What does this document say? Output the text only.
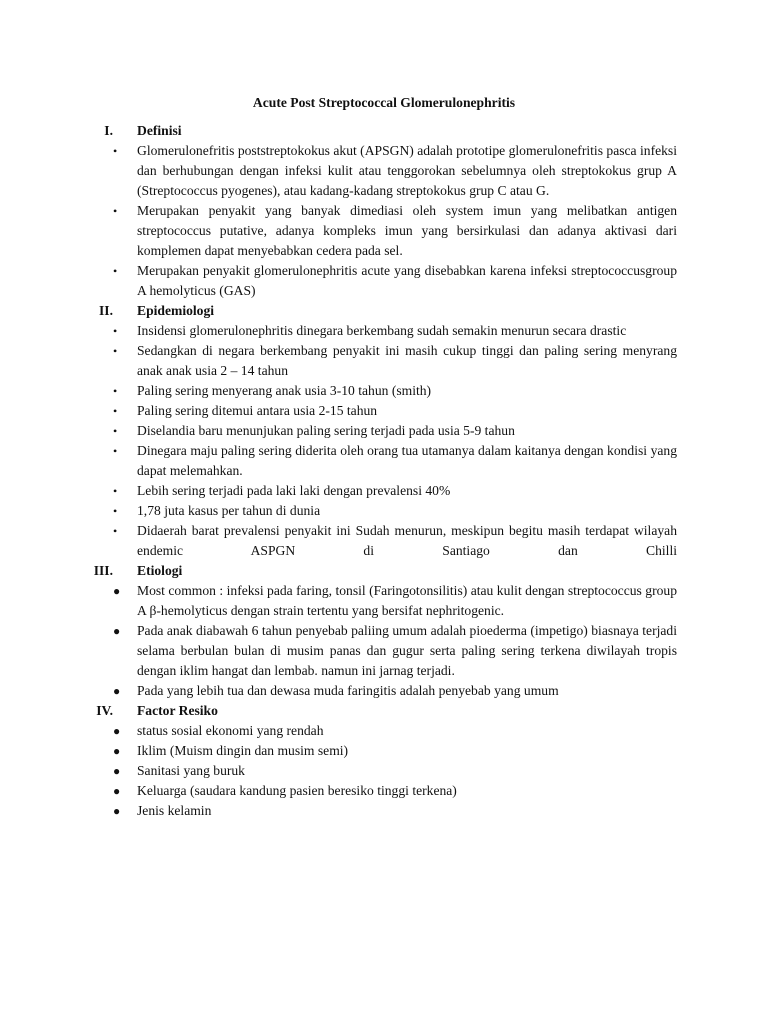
Acute Post Streptococcal Glomerulonephritis
I. Definisi
•	Glomerulonefritis poststreptokokus akut (APSGN) adalah prototipe glomerulonefritis pasca infeksi dan berhubungan dengan infeksi kulit atau tenggorokan sebelumnya oleh streptokokus grup A (Streptococcus pyogenes), atau kadang-kadang streptokokus grup C atau G.
•	Merupakan penyakit yang banyak dimediasi oleh system imun yang melibatkan antigen streptococcus putative, adanya kompleks imun yang bersirkulasi dan adanya aktivasi dari komplemen dapat menyebabkan cedera pada sel.
•	Merupakan penyakit glomerulonephritis acute yang disebabkan karena infeksi streptococcusgroup A hemolyticus (GAS)
II. Epidemiologi
•	Insidensi glomerulonephritis dinegara berkembang sudah semakin menurun secara drastic
•	Sedangkan di negara berkembang penyakit ini masih cukup tinggi dan paling sering menyrang anak anak usia 2 – 14 tahun
•	Paling sering menyerang anak usia 3-10 tahun (smith)
•	Paling sering ditemui antara usia 2-15 tahun
•	Diselandia baru menunjukan paling sering terjadi pada usia 5-9 tahun
•	Dinegara maju paling sering diderita oleh orang tua utamanya dalam kaitanya dengan kondisi yang dapat melemahkan.
•	Lebih sering terjadi pada laki laki dengan prevalensi 40%
•	1,78 juta kasus per tahun di dunia
•	Didaerah barat prevalensi penyakit ini Sudah menurun, meskipun begitu masih terdapat wilayah endemic ASPGN di Santiago dan Chilli
III. Etiologi
●	Most common : infeksi pada faring, tonsil (Faringotonsilitis) atau kulit dengan streptococcus group A β-hemolyticus dengan strain tertentu yang bersifat nephritogenic.
●	Pada anak diabawah 6 tahun penyebab paliing umum adalah pioederma (impetigo) biasnaya terjadi selama berbulan bulan di musim panas dan gugur serta paling sering terkena diwilayah tropis dengan iklim hangat dan lembab. namun ini jarnag terjadi.
●	Pada yang lebih tua dan dewasa muda faringitis adalah penyebab yang umum
IV. Factor Resiko
●	status sosial ekonomi yang rendah
●	Iklim (Muism dingin dan musim semi)
●	Sanitasi yang buruk
●	Keluarga (saudara kandung pasien beresiko tinggi terkena)
●	Jenis kelamin
